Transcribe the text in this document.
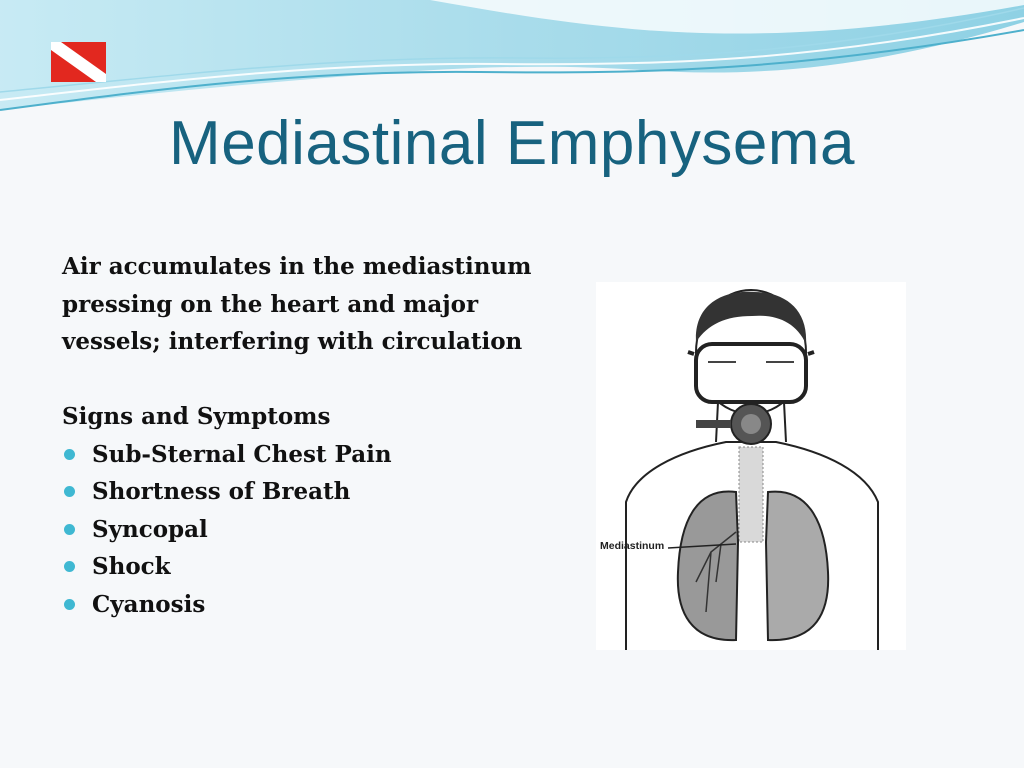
Mediastinal Emphysema

Air accumulates in the mediastinum pressing on the heart and major vessels; interfering with circulation

Signs and Symptoms

Sub-Sternal Chest Pain
Shortness of Breath
Syncopal
Shock
Cyanosis
Mediastinum
